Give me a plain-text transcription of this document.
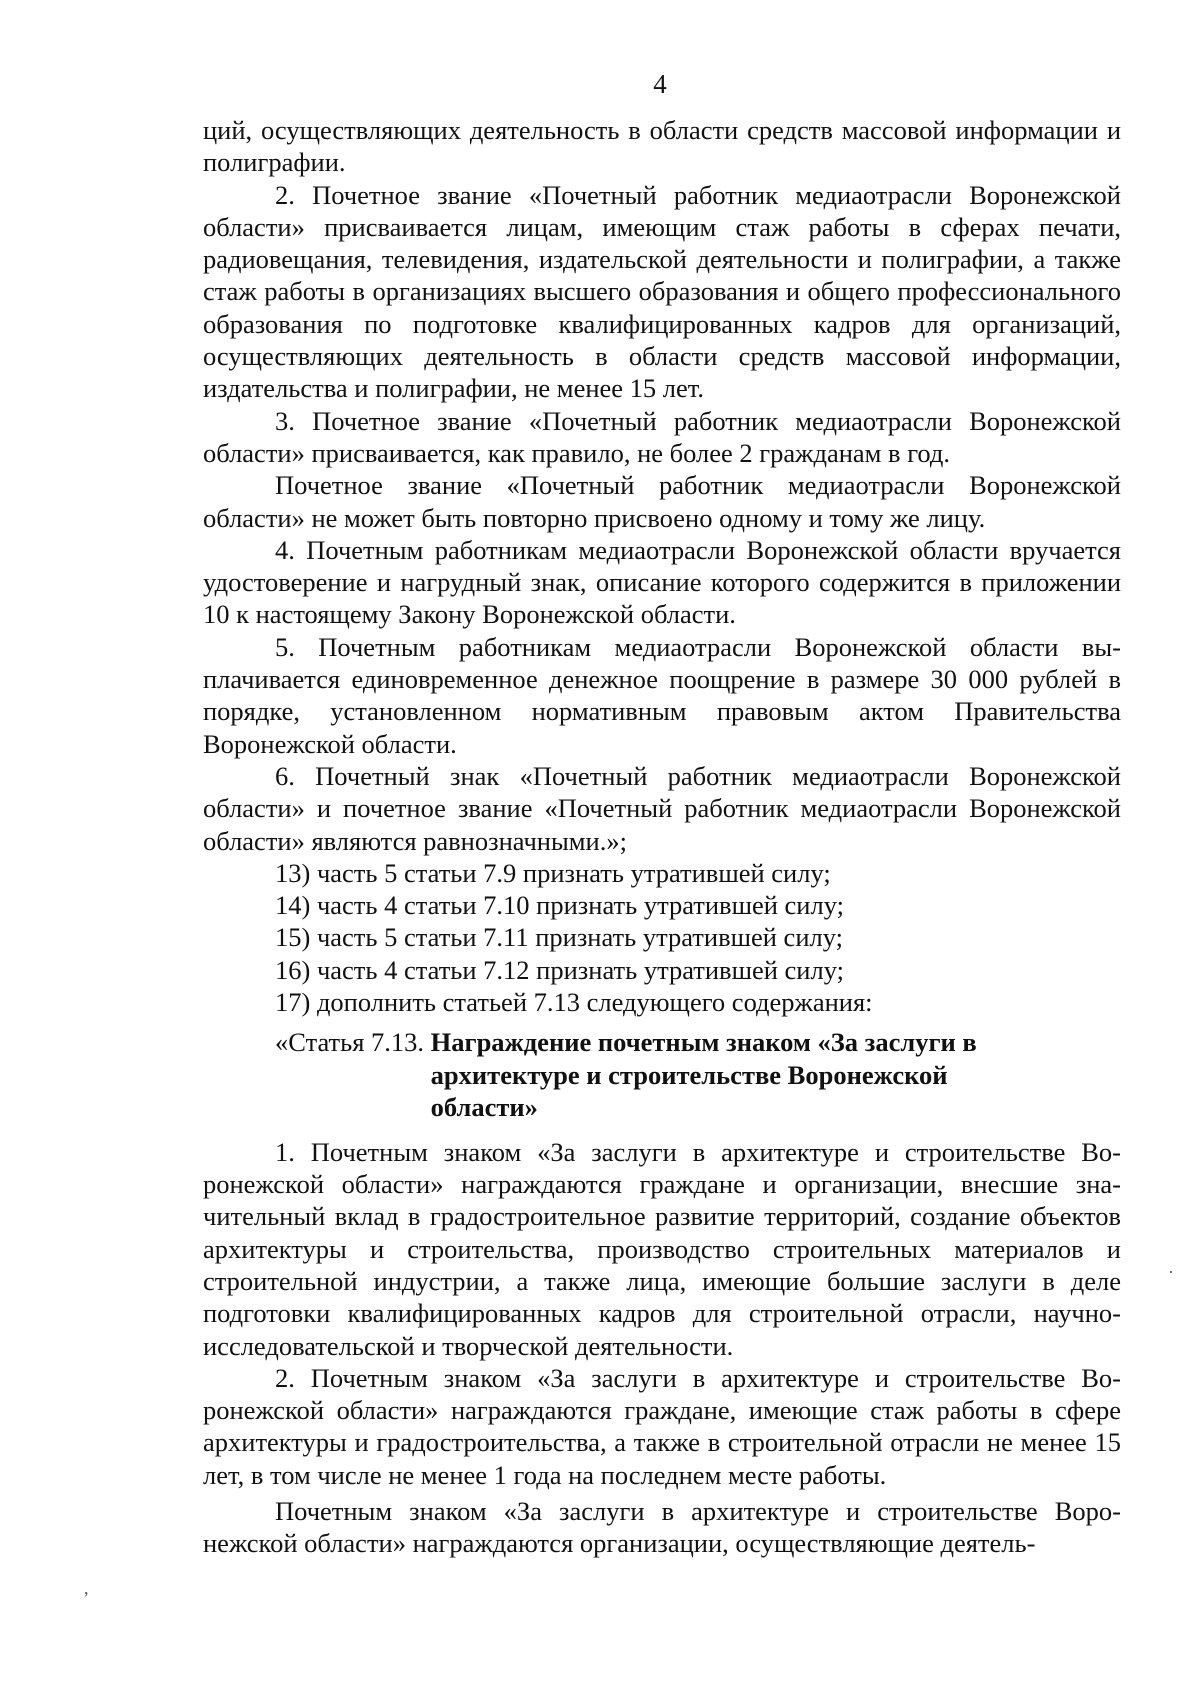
4

ций, осуществляющих деятельность в области средств массовой информации и полиграфии.

2. Почетное звание «Почетный работник медиаотрасли Воронежской области» присваивается лицам, имеющим стаж работы в сферах печати, радиовещания, телевидения, издательской деятельности и полиграфии, а также стаж работы в организациях высшего образования и общего профессионального образования по подготовке квалифицированных кадров для организаций, осуществляющих деятельность в области средств массовой информации, издательства и полиграфии, не менее 15 лет.

3. Почетное звание «Почетный работник медиаотрасли Воронежской области» присваивается, как правило, не более 2 гражданам в год.

Почетное звание «Почетный работник медиаотрасли Воронежской области» не может быть повторно присвоено одному и тому же лицу.

4. Почетным работникам медиаотрасли Воронежской области вручается удостоверение и нагрудный знак, описание которого содержится в приложении 10 к настоящему Закону Воронежской области.

5. Почетным работникам медиаотрасли Воронежской области выплачивается единовременное денежное поощрение в размере 30 000 рублей в порядке, установленном нормативным правовым актом Правительства Воронежской области.

6. Почетный знак «Почетный работник медиаотрасли Воронежской области» и почетное звание «Почетный работник медиаотрасли Воронежской области» являются равнозначными.»;

13) часть 5 статьи 7.9 признать утратившей силу;

14) часть 4 статьи 7.10 признать утратившей силу;

15) часть 5 статьи 7.11 признать утратившей силу;

16) часть 4 статьи 7.12 признать утратившей силу;

17) дополнить статьей 7.13 следующего содержания:

«Статья 7.13. Награждение почетным знаком «За заслуги в архитектуре и строительстве Воронежской области»

1. Почетным знаком «За заслуги в архитектуре и строительстве Воронежской области» награждаются граждане и организации, внесшие значительный вклад в градостроительное развитие территорий, создание объектов архитектуры и строительства, производство строительных материалов и строительной индустрии, а также лица, имеющие большие заслуги в деле подготовки квалифицированных кадров для строительной отрасли, научно-исследовательской и творческой деятельности.

2. Почетным знаком «За заслуги в архитектуре и строительстве Воронежской области» награждаются граждане, имеющие стаж работы в сфере архитектуры и градостроительства, а также в строительной отрасли не менее 15 лет, в том числе не менее 1 года на последнем месте работы.

Почетным знаком «За заслуги в архитектуре и строительстве Воронежской области» награждаются организации, осуществляющие деятель-

·
,
